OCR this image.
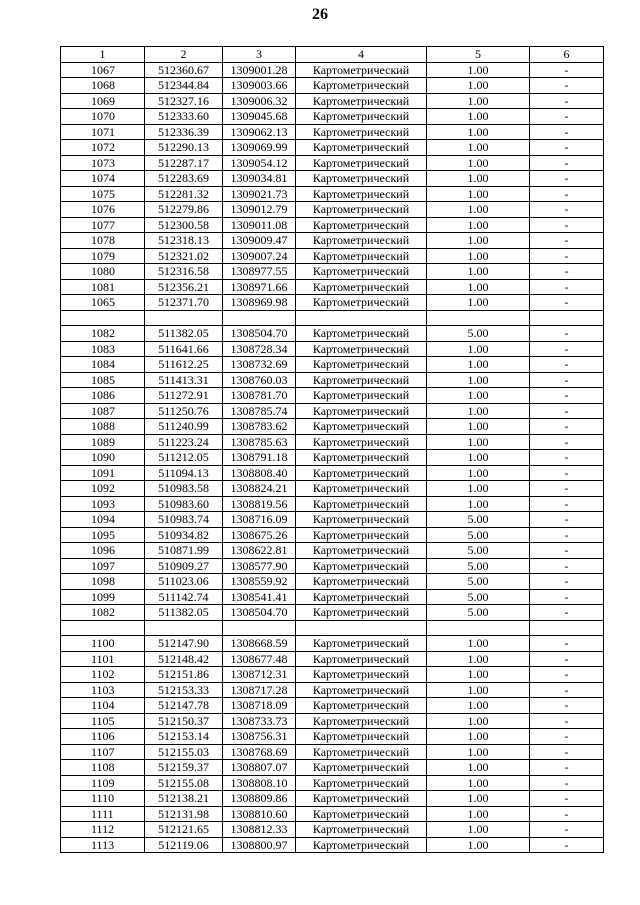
26
1	2	3	4	5	6
1067	512360.67	1309001.28	Картометрический	1.00	-
1068	512344.84	1309003.66	Картометрический	1.00	-
1069	512327.16	1309006.32	Картометрический	1.00	-
1070	512333.60	1309045.68	Картометрический	1.00	-
1071	512336.39	1309062.13	Картометрический	1.00	-
1072	512290.13	1309069.99	Картометрический	1.00	-
1073	512287.17	1309054.12	Картометрический	1.00	-
1074	512283.69	1309034.81	Картометрический	1.00	-
1075	512281.32	1309021.73	Картометрический	1.00	-
1076	512279.86	1309012.79	Картометрический	1.00	-
1077	512300.58	1309011.08	Картометрический	1.00	-
1078	512318.13	1309009.47	Картометрический	1.00	-
1079	512321.02	1309007.24	Картометрический	1.00	-
1080	512316.58	1308977.55	Картометрический	1.00	-
1081	512356.21	1308971.66	Картометрический	1.00	-
1065	512371.70	1308969.98	Картометрический	1.00	-

1082	511382.05	1308504.70	Картометрический	5.00	-
1083	511641.66	1308728.34	Картометрический	1.00	-
1084	511612.25	1308732.69	Картометрический	1.00	-
1085	511413.31	1308760.03	Картометрический	1.00	-
1086	511272.91	1308781.70	Картометрический	1.00	-
1087	511250.76	1308785.74	Картометрический	1.00	-
1088	511240.99	1308783.62	Картометрический	1.00	-
1089	511223.24	1308785.63	Картометрический	1.00	-
1090	511212.05	1308791.18	Картометрический	1.00	-
1091	511094.13	1308808.40	Картометрический	1.00	-
1092	510983.58	1308824.21	Картометрический	1.00	-
1093	510983.60	1308819.56	Картометрический	1.00	-
1094	510983.74	1308716.09	Картометрический	5.00	-
1095	510934.82	1308675.26	Картометрический	5.00	-
1096	510871.99	1308622.81	Картометрический	5.00	-
1097	510909.27	1308577.90	Картометрический	5.00	-
1098	511023.06	1308559.92	Картометрический	5.00	-
1099	511142.74	1308541.41	Картометрический	5.00	-
1082	511382.05	1308504.70	Картометрический	5.00	-

1100	512147.90	1308668.59	Картометрический	1.00	-
1101	512148.42	1308677.48	Картометрический	1.00	-
1102	512151.86	1308712.31	Картометрический	1.00	-
1103	512153.33	1308717.28	Картометрический	1.00	-
1104	512147.78	1308718.09	Картометрический	1.00	-
1105	512150.37	1308733.73	Картометрический	1.00	-
1106	512153.14	1308756.31	Картометрический	1.00	-
1107	512155.03	1308768.69	Картометрический	1.00	-
1108	512159.37	1308807.07	Картометрический	1.00	-
1109	512155.08	1308808.10	Картометрический	1.00	-
1110	512138.21	1308809.86	Картометрический	1.00	-
1111	512131.98	1308810.60	Картометрический	1.00	-
1112	512121.65	1308812.33	Картометрический	1.00	-
1113	512119.06	1308800.97	Картометрический	1.00	-
